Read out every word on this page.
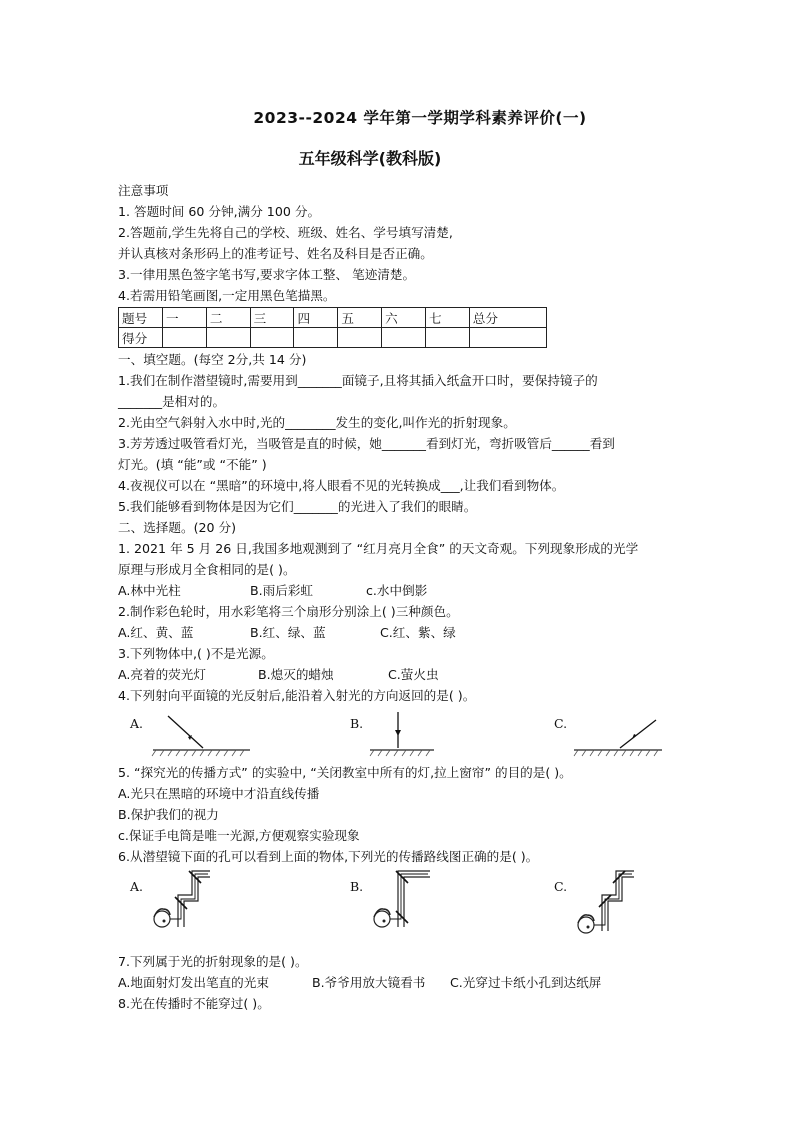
2023--2024 学年第一学期学科素养评价(一)
五年级科学(教科版)
注意事项
1. 答题时间 60 分钟,满分 100 分。
2.答题前,学生先将自己的学校、班级、姓名、学号填写清楚,
并认真核对条形码上的准考证号、姓名及科目是否正确。
3.一律用黑色签字笔书写,要求字体工整、 笔迹清楚。
4.若需用铅笔画图,一定用黑色笔描黑。
题号	一	二	三	四	五	六	七	总分
得分								
一、填空题。(每空 2分,共 14 分)
1.我们在制作潜望镜时,需要用到_______面镜子,且将其插入纸盒开口时，要保持镜子的
_______是相对的。
2.光由空气斜射入水中时,光的________发生的变化,叫作光的折射现象。
3.芳芳透过吸管看灯光，当吸管是直的时候，她_______看到灯光，弯折吸管后______看到
灯光。(填 “能”或 “不能” )
4.夜视仪可以在 “黑暗”的环境中,将人眼看不见的光转换成___,让我们看到物体。
5.我们能够看到物体是因为它们_______的光进入了我们的眼睛。
二、选择题。(20 分)
1. 2021 年 5 月 26 日,我国多地观测到了 “红月亮月全食” 的天文奇观。下列现象形成的光学
原理与形成月全食相同的是( )。
A.林中光柱	B.雨后彩虹	c.水中倒影
2.制作彩色轮时，用水彩笔将三个扇形分别涂上( )三种颜色。
A.红、黄、蓝	B.红、绿、蓝	C.红、紫、绿
3.下列物体中,( )不是光源。
A.亮着的荧光灯	B.熄灭的蜡烛	C.萤火虫
4.下列射向平面镜的光反射后,能沿着入射光的方向返回的是( )。
A.	B.	C.
5. “探究光的传播方式” 的实验中, “关闭教室中所有的灯,拉上窗帘” 的目的是( )。
A.光只在黑暗的环境中才沿直线传播
B.保护我们的视力
c.保证手电筒是唯一光源,方便观察实验现象
6.从潜望镜下面的孔可以看到上面的物体,下列光的传播路线图正确的是( )。
A.	B.	C.
7.下列属于光的折射现象的是( )。
A.地面射灯发出笔直的光束	B.爷爷用放大镜看书	C.光穿过卡纸小孔到达纸屏
8.光在传播时不能穿过( )。
